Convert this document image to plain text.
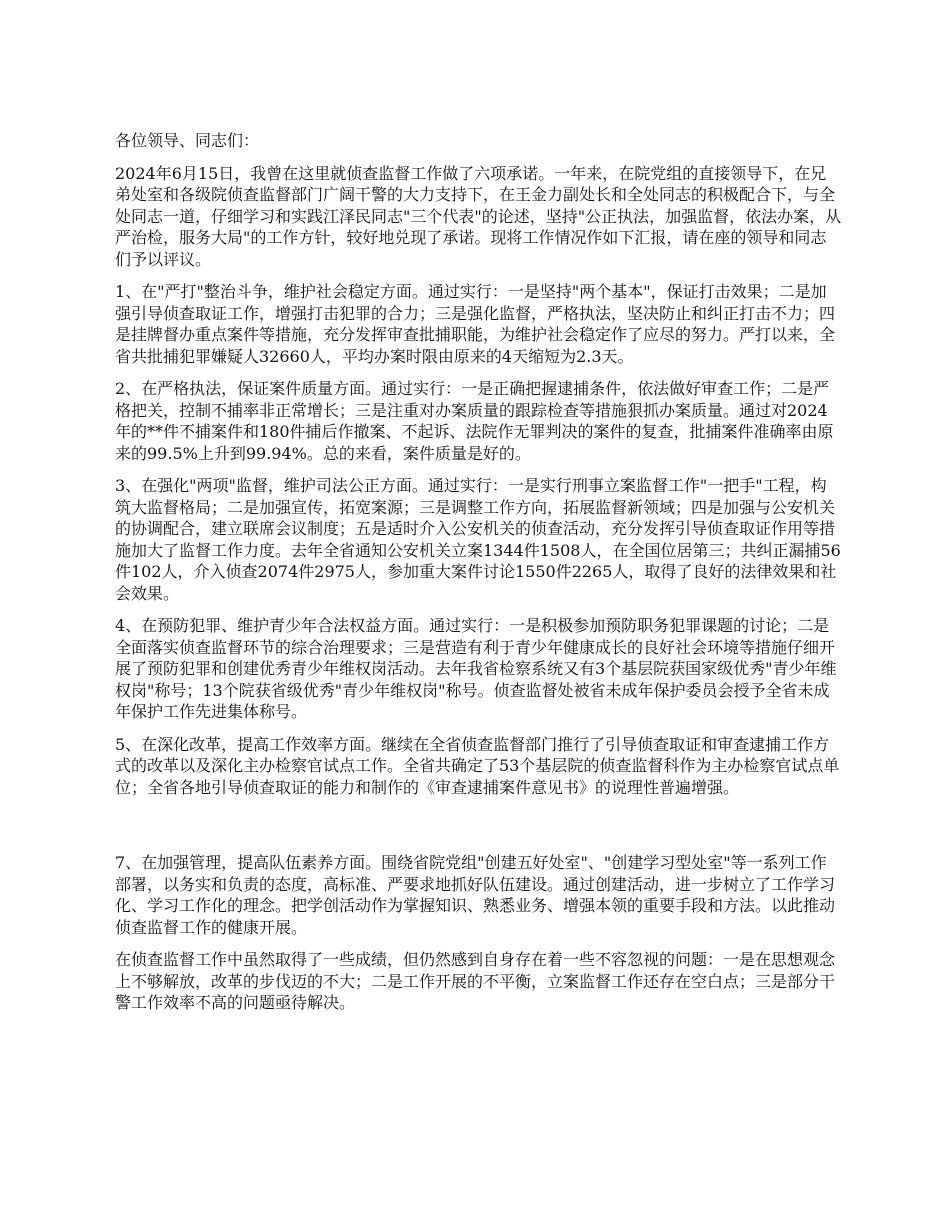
各位领导、同志们：

2024年6月15日，我曾在这里就侦查监督工作做了六项承诺。一年来，在院党组的直接领导下，在兄弟处室和各级院侦查监督部门广阔干警的大力支持下，在王金力副处长和全处同志的积极配合下，与全处同志一道，仔细学习和实践江泽民同志"三个代表"的论述，坚持"公正执法，加强监督，依法办案，从严治检，服务大局"的工作方针，较好地兑现了承诺。现将工作情况作如下汇报，请在座的领导和同志们予以评议。

1、在"严打"整治斗争，维护社会稳定方面。通过实行：一是坚持"两个基本"，保证打击效果；二是加强引导侦查取证工作，增强打击犯罪的合力；三是强化监督，严格执法，坚决防止和纠正打击不力；四是挂牌督办重点案件等措施，充分发挥审查批捕职能，为维护社会稳定作了应尽的努力。严打以来，全省共批捕犯罪嫌疑人32660人，平均办案时限由原来的4天缩短为2.3天。

2、在严格执法，保证案件质量方面。通过实行：一是正确把握逮捕条件，依法做好审查工作；二是严格把关，控制不捕率非正常增长；三是注重对办案质量的跟踪检查等措施狠抓办案质量。通过对2024年的**件不捕案件和180件捕后作撤案、不起诉、法院作无罪判决的案件的复查，批捕案件准确率由原来的99.5%上升到99.94%。总的来看，案件质量是好的。

3、在强化"两项"监督，维护司法公正方面。通过实行：一是实行刑事立案监督工作"一把手"工程，构筑大监督格局；二是加强宣传，拓宽案源；三是调整工作方向，拓展监督新领域；四是加强与公安机关的协调配合，建立联席会议制度；五是适时介入公安机关的侦查活动，充分发挥引导侦查取证作用等措施加大了监督工作力度。去年全省通知公安机关立案1344件1508人，在全国位居第三；共纠正漏捕56件102人，介入侦查2074件2975人，参加重大案件讨论1550件2265人，取得了良好的法律效果和社会效果。

4、在预防犯罪、维护青少年合法权益方面。通过实行：一是积极参加预防职务犯罪课题的讨论；二是全面落实侦查监督环节的综合治理要求；三是营造有利于青少年健康成长的良好社会环境等措施仔细开展了预防犯罪和创建优秀青少年维权岗活动。去年我省检察系统又有3个基层院获国家级优秀"青少年维权岗"称号；13个院获省级优秀"青少年维权岗"称号。侦查监督处被省未成年保护委员会授予全省未成年保护工作先进集体称号。

5、在深化改革，提高工作效率方面。继续在全省侦查监督部门推行了引导侦查取证和审查逮捕工作方式的改革以及深化主办检察官试点工作。全省共确定了53个基层院的侦查监督科作为主办检察官试点单位；全省各地引导侦查取证的能力和制作的《审查逮捕案件意见书》的说理性普遍增强。

7、在加强管理，提高队伍素养方面。围绕省院党组"创建五好处室"、"创建学习型处室"等一系列工作部署，以务实和负责的态度，高标准、严要求地抓好队伍建设。通过创建活动，进一步树立了工作学习化、学习工作化的理念。把学创活动作为掌握知识、熟悉业务、增强本领的重要手段和方法。以此推动侦查监督工作的健康开展。

在侦查监督工作中虽然取得了一些成绩，但仍然感到自身存在着一些不容忽视的问题：一是在思想观念上不够解放，改革的步伐迈的不大；二是工作开展的不平衡，立案监督工作还存在空白点；三是部分干警工作效率不高的问题亟待解决。
